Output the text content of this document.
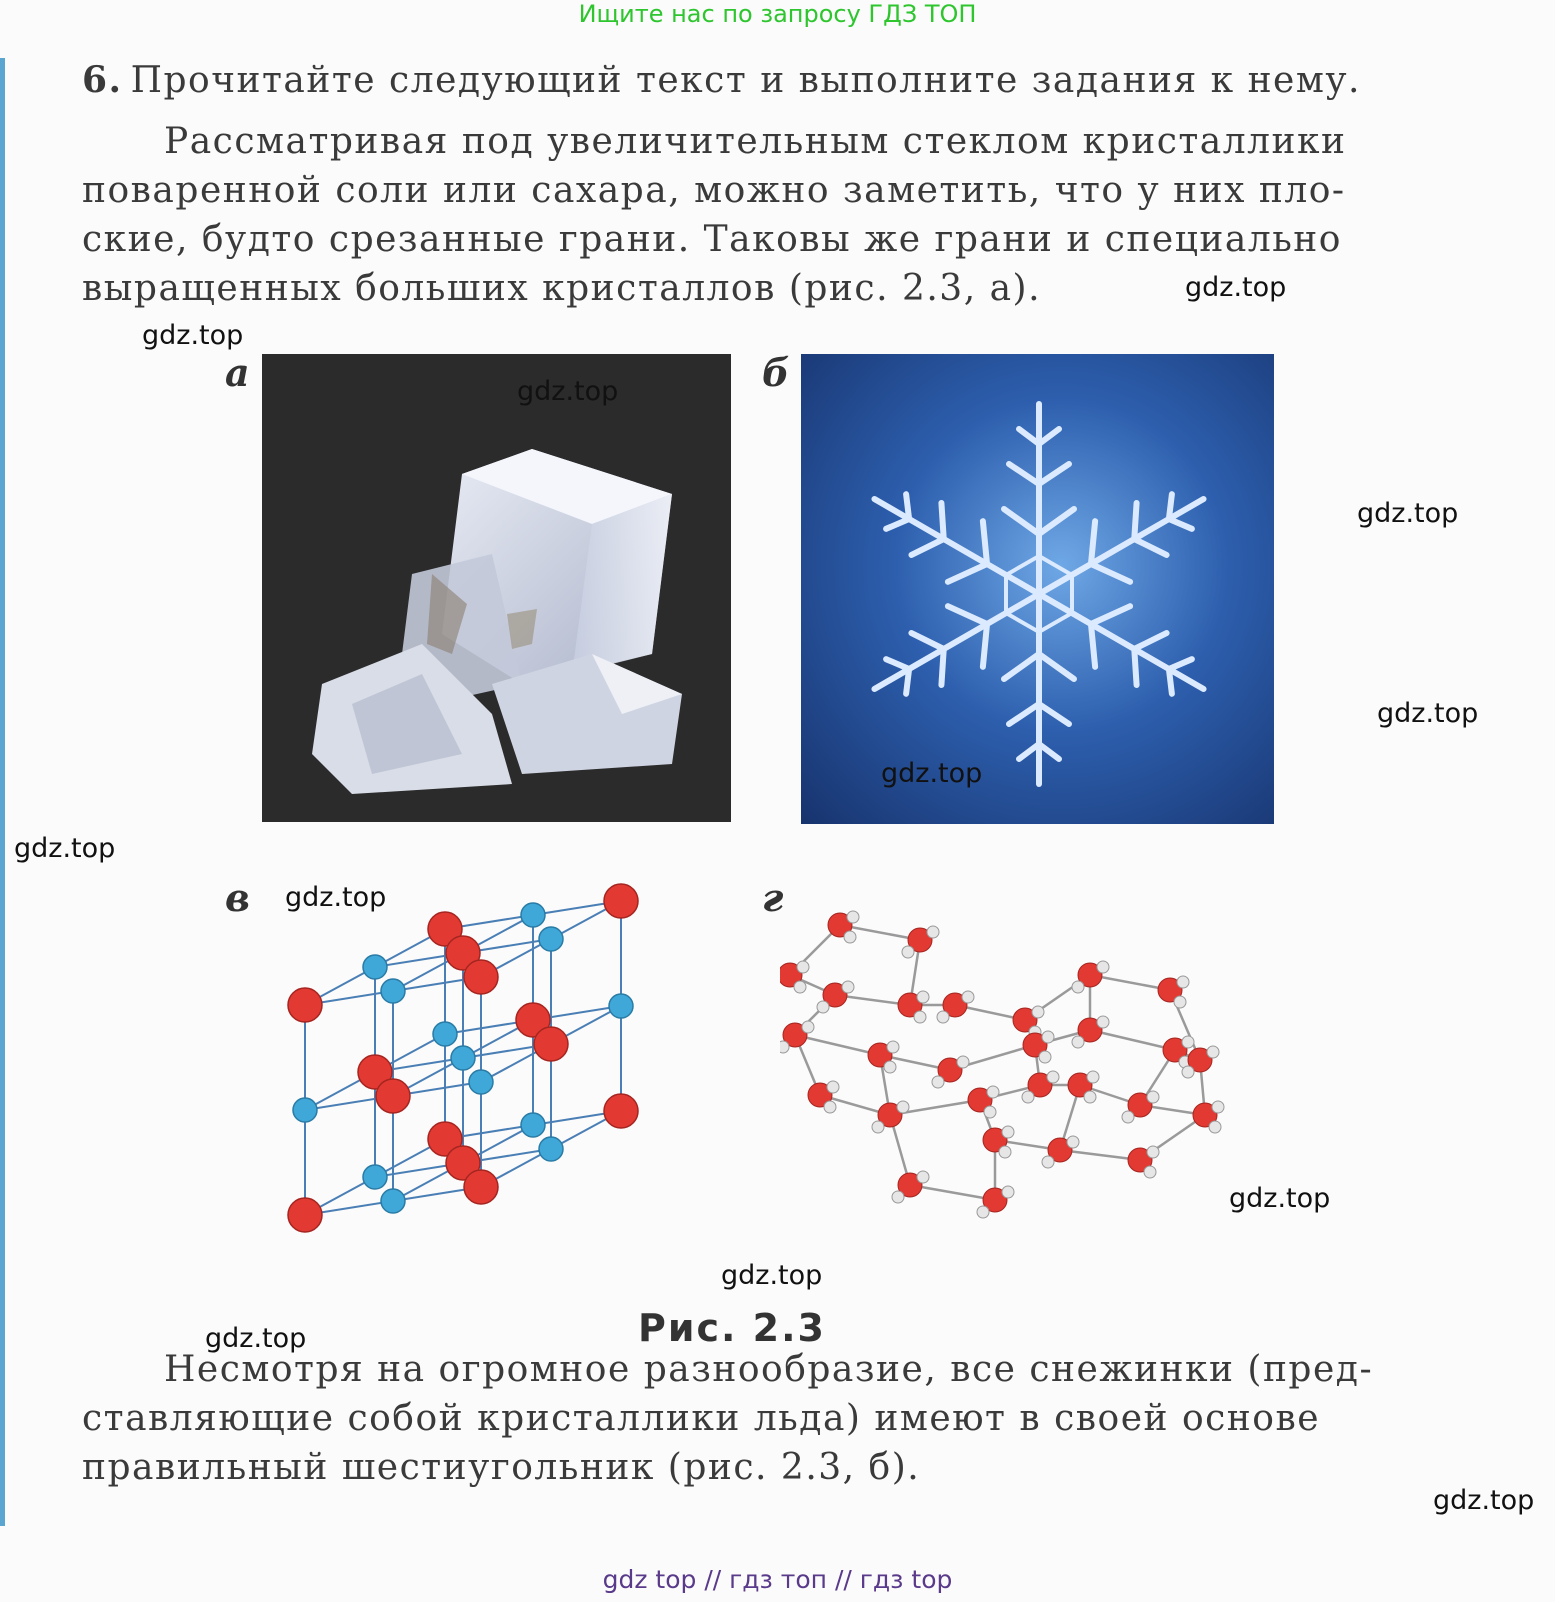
Ищите нас по запросу ГДЗ ТОП

6. Прочитайте следующий текст и выполните задания к нему.

Рассматривая под увеличительным стеклом кристаллики

поваренной соли или сахара, можно заметить, что у них пло-

ские, будто срезанные грани. Таковы же грани и специально

выращенных больших кристаллов (рис. 2.3, а).

а	б
в	г
Рис. 2.3

Несмотря на огромное разнообразие, все снежинки (пред-

ставляющие собой кристаллики льда) имеют в своей основе

правильный шестиугольник (рис. 2.3, б).

gdz.top
gdz.top
gdz.top
gdz.top
gdz.top
gdz.top
gdz.top
gdz.top
gdz.top
gdz.top
gdz.top
gdz.top
gdz top // гдз топ // гдз top
